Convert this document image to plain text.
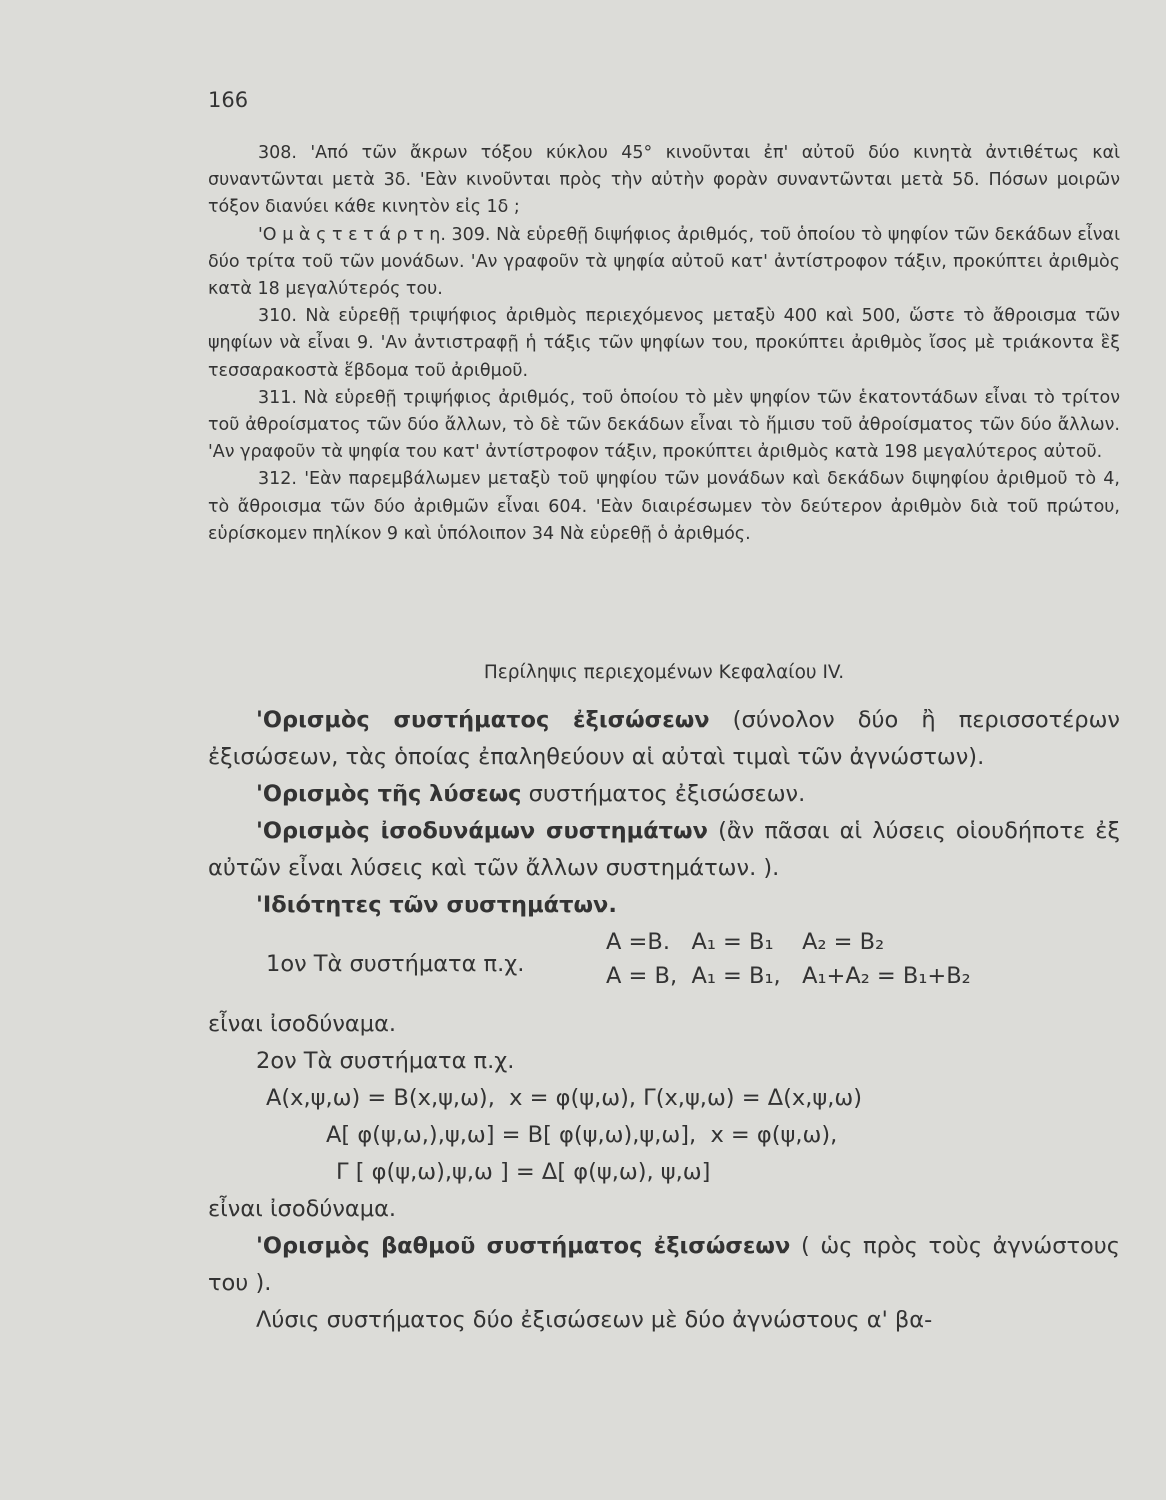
166

308. 'Από τῶν ἄκρων τόξου κύκλου 45° κινοῦνται ἐπ' αὐτοῦ δύο κινητὰ ἀντιθέτως καὶ συναντῶνται μετὰ 3δ. 'Εὰν κινοῦνται πρὸς τὴν αὐτὴν φορὰν συναντῶνται μετὰ 5δ. Πόσων μοιρῶν τόξον διανύει κάθε κινητὸν εἰς 1δ ;

'Ο μ ὰ ς τ ε τ ά ρ τ η. 309. Νὰ εὑρεθῇ διψήφιος ἀριθμός, τοῦ ὁποίου τὸ ψηφίον τῶν δεκάδων εἶναι δύο τρίτα τοῦ τῶν μονάδων. 'Αν γραφοῦν τὰ ψηφία αὐτοῦ κατ' ἀντίστροφον τάξιν, προκύπτει ἀριθμὸς κατὰ 18 μεγαλύτερός του.

310. Νὰ εὑρεθῇ τριψήφιος ἀριθμὸς περιεχόμενος μεταξὺ 400 καὶ 500, ὥστε τὸ ἄθροισμα τῶν ψηφίων νὰ εἶναι 9. 'Αν ἀντιστραφῇ ἡ τάξις τῶν ψηφίων του, προκύπτει ἀριθμὸς ἴσος μὲ τριάκοντα ἓξ τεσσαρακοστὰ ἕβδομα τοῦ ἀριθμοῦ.

311. Νὰ εὑρεθῇ τριψήφιος ἀριθμός, τοῦ ὁποίου τὸ μὲν ψηφίον τῶν ἑκατοντάδων εἶναι τὸ τρίτον τοῦ ἀθροίσματος τῶν δύο ἄλλων, τὸ δὲ τῶν δεκάδων εἶναι τὸ ἥμισυ τοῦ ἀθροίσματος τῶν δύο ἄλλων. 'Αν γραφοῦν τὰ ψηφία του κατ' ἀντίστροφον τάξιν, προκύπτει ἀριθμὸς κατὰ 198 μεγαλύτερος αὐτοῦ.

312. 'Εὰν παρεμβάλωμεν μεταξὺ τοῦ ψηφίου τῶν μονάδων καὶ δεκάδων διψηφίου ἀριθμοῦ τὸ 4, τὸ ἄθροισμα τῶν δύο ἀριθμῶν εἶναι 604. 'Εὰν διαιρέσωμεν τὸν δεύτερον ἀριθμὸν διὰ τοῦ πρώτου, εὑρίσκομεν πηλίκον 9 καὶ ὑπόλοιπον 34 Νὰ εὑρεθῇ ὁ ἀριθμός.

Περίληψις περιεχομένων Κεφαλαίου IV.

'Ορισμὸς συστήματος ἐξισώσεων (σύνολον δύο ἢ περισσοτέρων ἐξισώσεων, τὰς ὁποίας ἐπαληθεύουν αἱ αὐταὶ τιμαὶ τῶν ἀγνώστων).

'Ορισμὸς τῆς λύσεως συστήματος ἐξισώσεων.

'Ορισμὸς ἰσοδυνάμων συστημάτων (ἂν πᾶσαι αἱ λύσεις οἱουδήποτε ἐξ αὐτῶν εἶναι λύσεις καὶ τῶν ἄλλων συστημάτων. ).

'Ιδιότητες τῶν συστημάτων.

1ον Τὰ συστήματα π.χ.
A =B.   A₁ = B₁    A₂ = B₂
A = B,  A₁ = B₁,   A₁+A₂ = B₁+B₂

εἶναι ἰσοδύναμα.

2ον Τὰ συστήματα π.χ.

A(x,ψ,ω) = B(x,ψ,ω),  x = φ(ψ,ω), Γ(x,ψ,ω) = Δ(x,ψ,ω)
A[ φ(ψ,ω,),ψ,ω] = B[ φ(ψ,ω),ψ,ω],  x = φ(ψ,ω),
Γ [ φ(ψ,ω),ψ,ω ] = Δ[ φ(ψ,ω), ψ,ω]

εἶναι ἰσοδύναμα.

'Ορισμὸς βαθμοῦ συστήματος ἐξισώσεων ( ὡς πρὸς τοὺς ἀγνώστους του ).

Λύσις συστήματος δύο ἐξισώσεων μὲ δύο ἀγνώστους α' βα-
